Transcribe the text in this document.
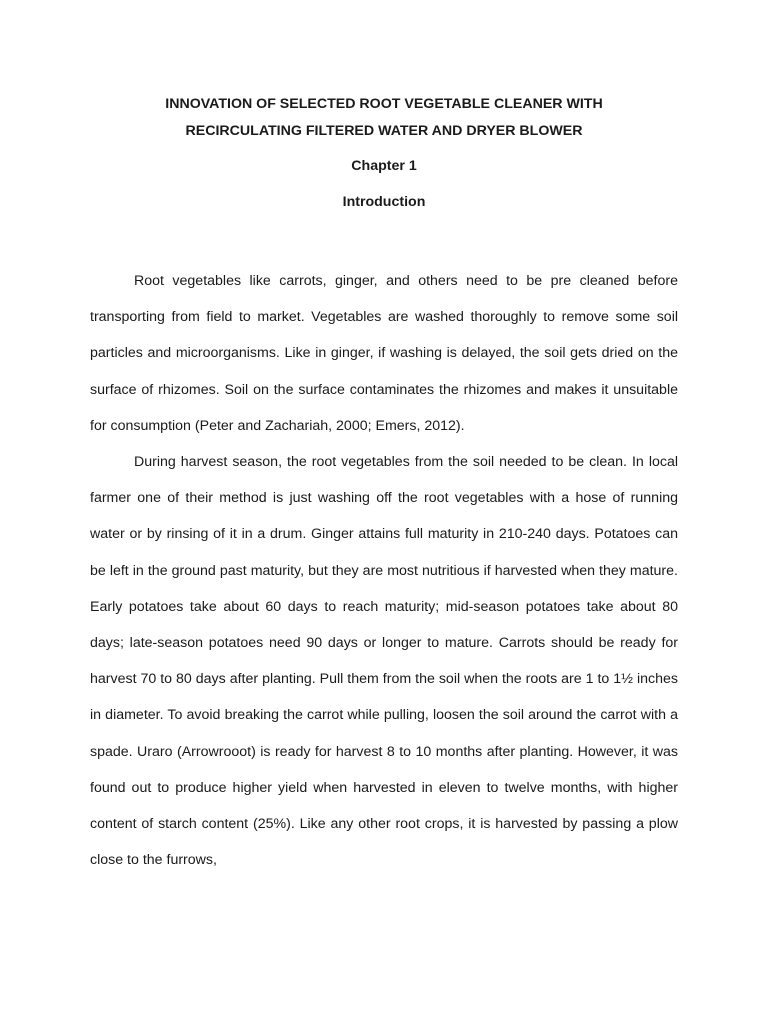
INNOVATION OF SELECTED ROOT VEGETABLE CLEANER WITH
RECIRCULATING FILTERED WATER AND DRYER BLOWER
Chapter 1
Introduction

Root vegetables like carrots, ginger, and others need to be pre cleaned before transporting from field to market. Vegetables are washed thoroughly to remove some soil particles and microorganisms. Like in ginger, if washing is delayed, the soil gets dried on the surface of rhizomes. Soil on the surface contaminates the rhizomes and makes it unsuitable for consumption (Peter and Zachariah, 2000; Emers, 2012).

During harvest season, the root vegetables from the soil needed to be clean. In local farmer one of their method is just washing off the root vegetables with a hose of running water or by rinsing of it in a drum. Ginger attains full maturity in 210-240 days. Potatoes can be left in the ground past maturity, but they are most nutritious if harvested when they mature. Early potatoes take about 60 days to reach maturity; mid-season potatoes take about 80 days; late-season potatoes need 90 days or longer to mature. Carrots should be ready for harvest 70 to 80 days after planting. Pull them from the soil when the roots are 1 to 1½ inches in diameter. To avoid breaking the carrot while pulling, loosen the soil around the carrot with a spade. Uraro (Arrowrooot) is ready for harvest 8 to 10 months after planting. However, it was found out to produce higher yield when harvested in eleven to twelve months, with higher content of starch content (25%). Like any other root crops, it is harvested by passing a plow close to the furrows,
